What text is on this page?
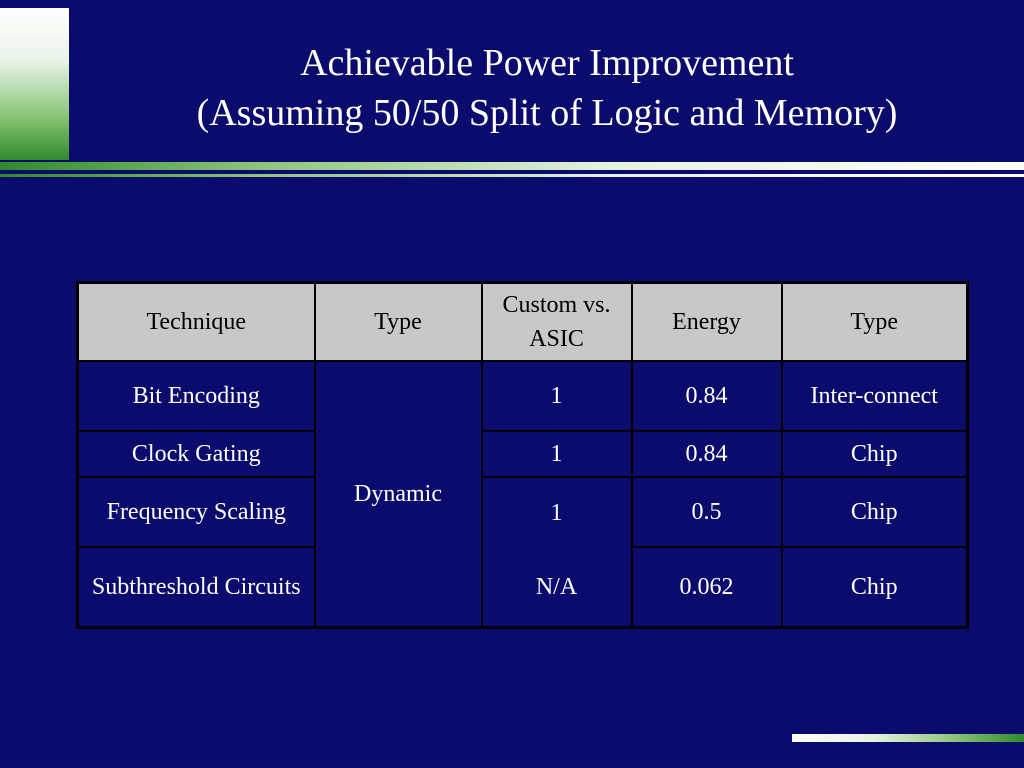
Achievable Power Improvement
(Assuming 50/50 Split of Logic and Memory)
Technique	Type	Custom vs. ASIC	Energy	Type
Bit Encoding	Dynamic	1	0.84	Inter-connect
Clock Gating		1	0.84	Chip
Frequency Scaling		1	0.5	Chip
Subthreshold Circuits		N/A	0.062	Chip
40
